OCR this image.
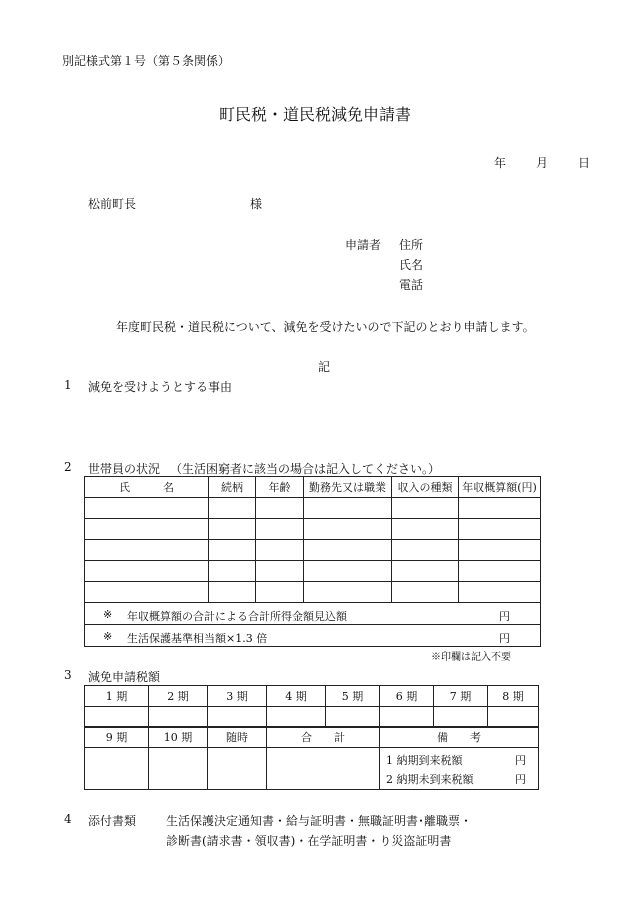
別記様式第１号（第５条関係）
町民税・道民税減免申請書
年 月 日
松前町長	様
申請者 住所
氏名
電話
年度町民税・道民税について、減免を受けたいので下記のとおり申請します。
記
1 減免を受けようとする事由
2 世帯員の状況 （生活困窮者に該当の場合は記入してください。）
氏　　　名	続柄	年齢	勤務先又は職業	収入の種類	年収概算額(円)

※ 年収概算額の合計による合計所得金額見込額 円					

※ 生活保護基準相当額×1.3 倍 円					
※印欄は記入不要
3 減免申請税額
1 期	2 期	3 期	4 期	5 期	6 期	7 期	8 期

9 期	10 期	随時	合　　計	備　　考

				1 納期到来税額 円
2 納期未到来税額 円
4 添付書類 生活保護決定通知書・給与証明書・無職証明書･離職票・
診断書(請求書・領収書)・在学証明書・り災盗証明書
